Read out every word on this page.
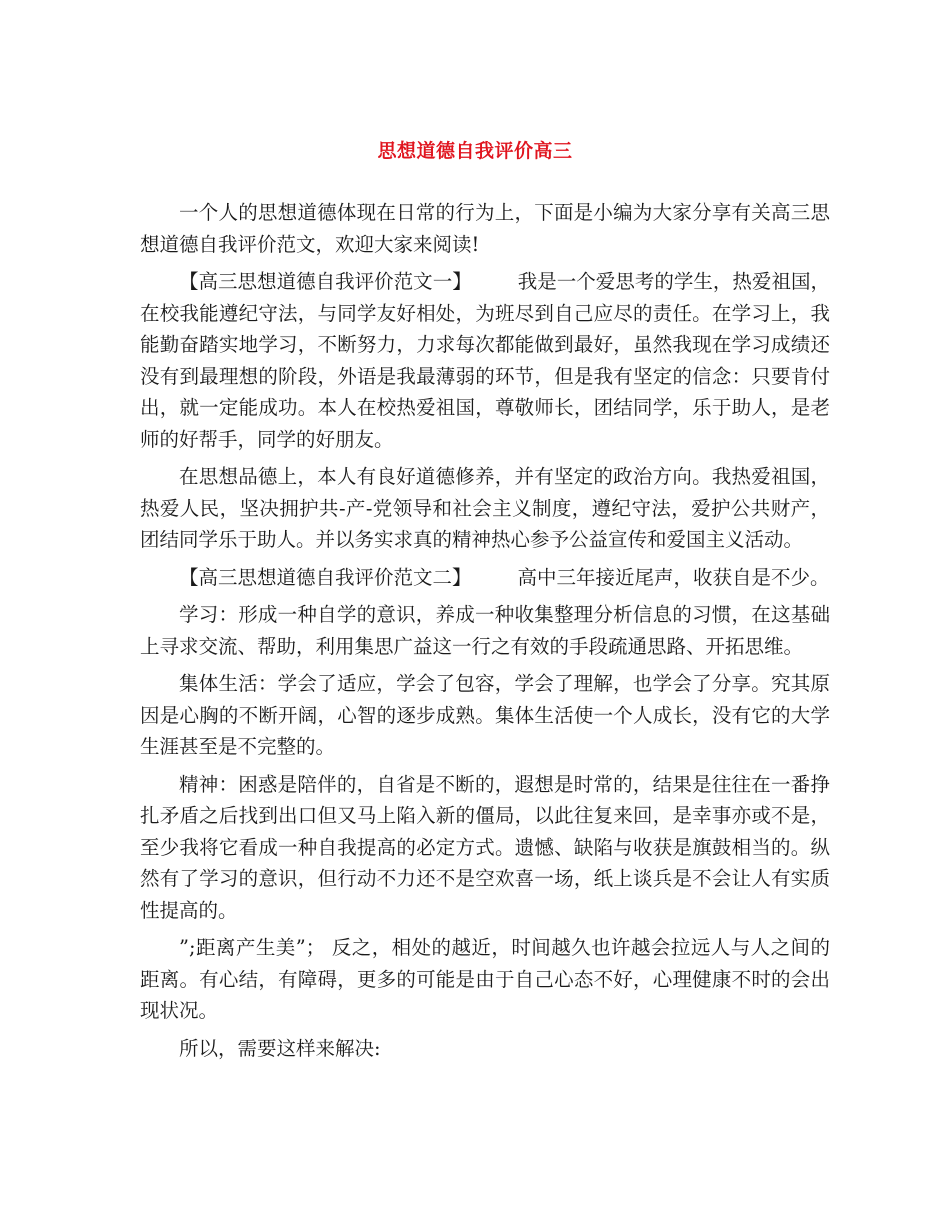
思想道德自我评价高三

一个人的思想道德体现在日常的行为上，下面是小编为大家分享有关高三思想道德自我评价范文，欢迎大家来阅读!

【高三思想道德自我评价范文一】 我是一个爱思考的学生，热爱祖国，在校我能遵纪守法，与同学友好相处，为班尽到自己应尽的责任。在学习上，我能勤奋踏实地学习，不断努力，力求每次都能做到最好，虽然我现在学习成绩还没有到最理想的阶段，外语是我最薄弱的环节，但是我有坚定的信念：只要肯付出，就一定能成功。本人在校热爱祖国，尊敬师长，团结同学，乐于助人，是老师的好帮手，同学的好朋友。

在思想品德上，本人有良好道德修养，并有坚定的政治方向。我热爱祖国，热爱人民，坚决拥护共-产-党领导和社会主义制度，遵纪守法，爱护公共财产，团结同学乐于助人。并以务实求真的精神热心参予公益宣传和爱国主义活动。

【高三思想道德自我评价范文二】 高中三年接近尾声，收获自是不少。

学习：形成一种自学的意识，养成一种收集整理分析信息的习惯，在这基础上寻求交流、帮助，利用集思广益这一行之有效的手段疏通思路、开拓思维。

集体生活：学会了适应，学会了包容，学会了理解，也学会了分享。究其原因是心胸的不断开阔，心智的逐步成熟。集体生活使一个人成长，没有它的大学生涯甚至是不完整的。

精神：困惑是陪伴的，自省是不断的，遐想是时常的，结果是往往在一番挣扎矛盾之后找到出口但又马上陷入新的僵局，以此往复来回，是幸事亦或不是，至少我将它看成一种自我提高的必定方式。遗憾、缺陷与收获是旗鼓相当的。纵然有了学习的意识，但行动不力还不是空欢喜一场，纸上谈兵是不会让人有实质性提高的。

”;距离产生美”； 反之，相处的越近，时间越久也许越会拉远人与人之间的距离。有心结，有障碍，更多的可能是由于自己心态不好，心理健康不时的会出现状况。

所以，需要这样来解决:
